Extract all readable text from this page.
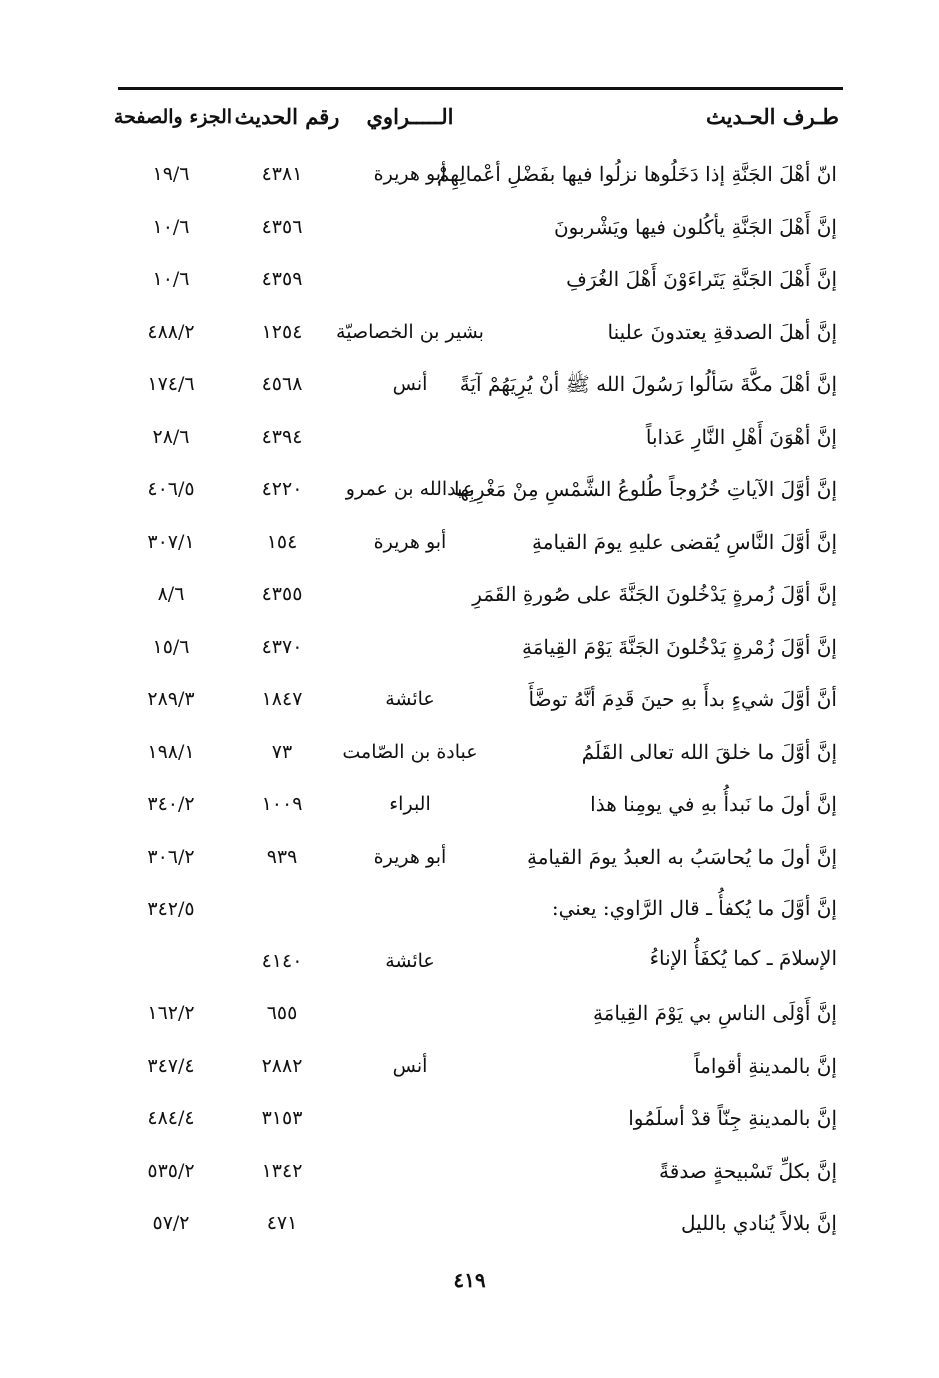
طـرف الحـديث
الـــــراوي
رقم الحديث
الجزء والصفحة
انّ أهْلَ الجَنَّةِ إذا دَخَلُوها نزلُوا فيها بفَضْلِ أعْمالِهِمْ
أبو هريرة
٤٣٨١
١٩/٦
إنَّ أَهْلَ الجَنَّةِ يأكُلون فيها ويَشْربونَ
٤٣٥٦
١٠/٦
إنَّ أَهْلَ الجَنَّةِ يَتَراءَوْنَ أَهْلَ الغُرَفِ
٤٣٥٩
١٠/٦
إنَّ أهلَ الصدقةِ يعتدونَ علينا
بشير بن الخصاصيّة
١٢٥٤
٤٨٨/٢
إنَّ أهْلَ مكَّةَ سَألُوا رَسُولَ الله ﷺ أنْ يُرِيَهُمْ آيَةً
أنس
٤٥٦٨
١٧٤/٦
إنَّ أهْوَنَ أَهْلِ النَّارِ عَذاباً
٤٣٩٤
٢٨/٦
إنَّ أوَّلَ الآياتِ خُرُوجاً طُلوعُ الشَّمْسِ مِنْ مَغْرِبِها
عبدالله بن عمرو
٤٢٢٠
٤٠٦/٥
إنَّ أوَّلَ النَّاسِ يُقضى عليهِ يومَ القيامةِ
أبو هريرة
١٥٤
٣٠٧/١
إنَّ أوَّلَ زُمرةٍ يَدْخُلونَ الجَنَّةَ على صُورةِ القَمَرِ
٤٣٥٥
٨/٦
إنَّ أوَّلَ زُمْرةٍ يَدْخُلونَ الجَنَّةَ يَوْمَ القِيامَةِ
٤٣٧٠
١٥/٦
أنَّ أوَّلَ شيءٍ بدأَ بهِ حينَ قَدِمَ أنَّهُ توضَّأَ
عائشة
١٨٤٧
٢٨٩/٣
إنَّ أوَّلَ ما خلقَ الله تعالى القَلَمُ
عبادة بن الصّامت
٧٣
١٩٨/١
إنَّ أولَ ما نَبدأُ بهِ في يومِنا هذا
البراء
١٠٠٩
٣٤٠/٢
إنَّ أولَ ما يُحاسَبُ به العبدُ يومَ القيامةِ
أبو هريرة
٩٣٩
٣٠٦/٢
إنَّ أوَّلَ ما يُكفأُ ـ قال الرَّاوي: يعني: الإسلامَ ـ كما يُكفَأُ الإناءُ
عائشة
٤١٤٠
٣٤٢/٥
إنَّ أَوْلَى الناسِ بي يَوْمَ القِيامَةِ
٦٥٥
١٦٢/٢
إنَّ بالمدينةِ أقواماً
أنس
٢٨٨٢
٣٤٧/٤
إنَّ بالمدينةِ جِنّاً قدْ أسلَمُوا
٣١٥٣
٤٨٤/٤
إنَّ بكلِّ تَسْبيحةٍ صدقةً
١٣٤٢
٥٣٥/٢
إنَّ بلالاً يُنادي بالليل
٤٧١
٥٧/٢
٤١٩
